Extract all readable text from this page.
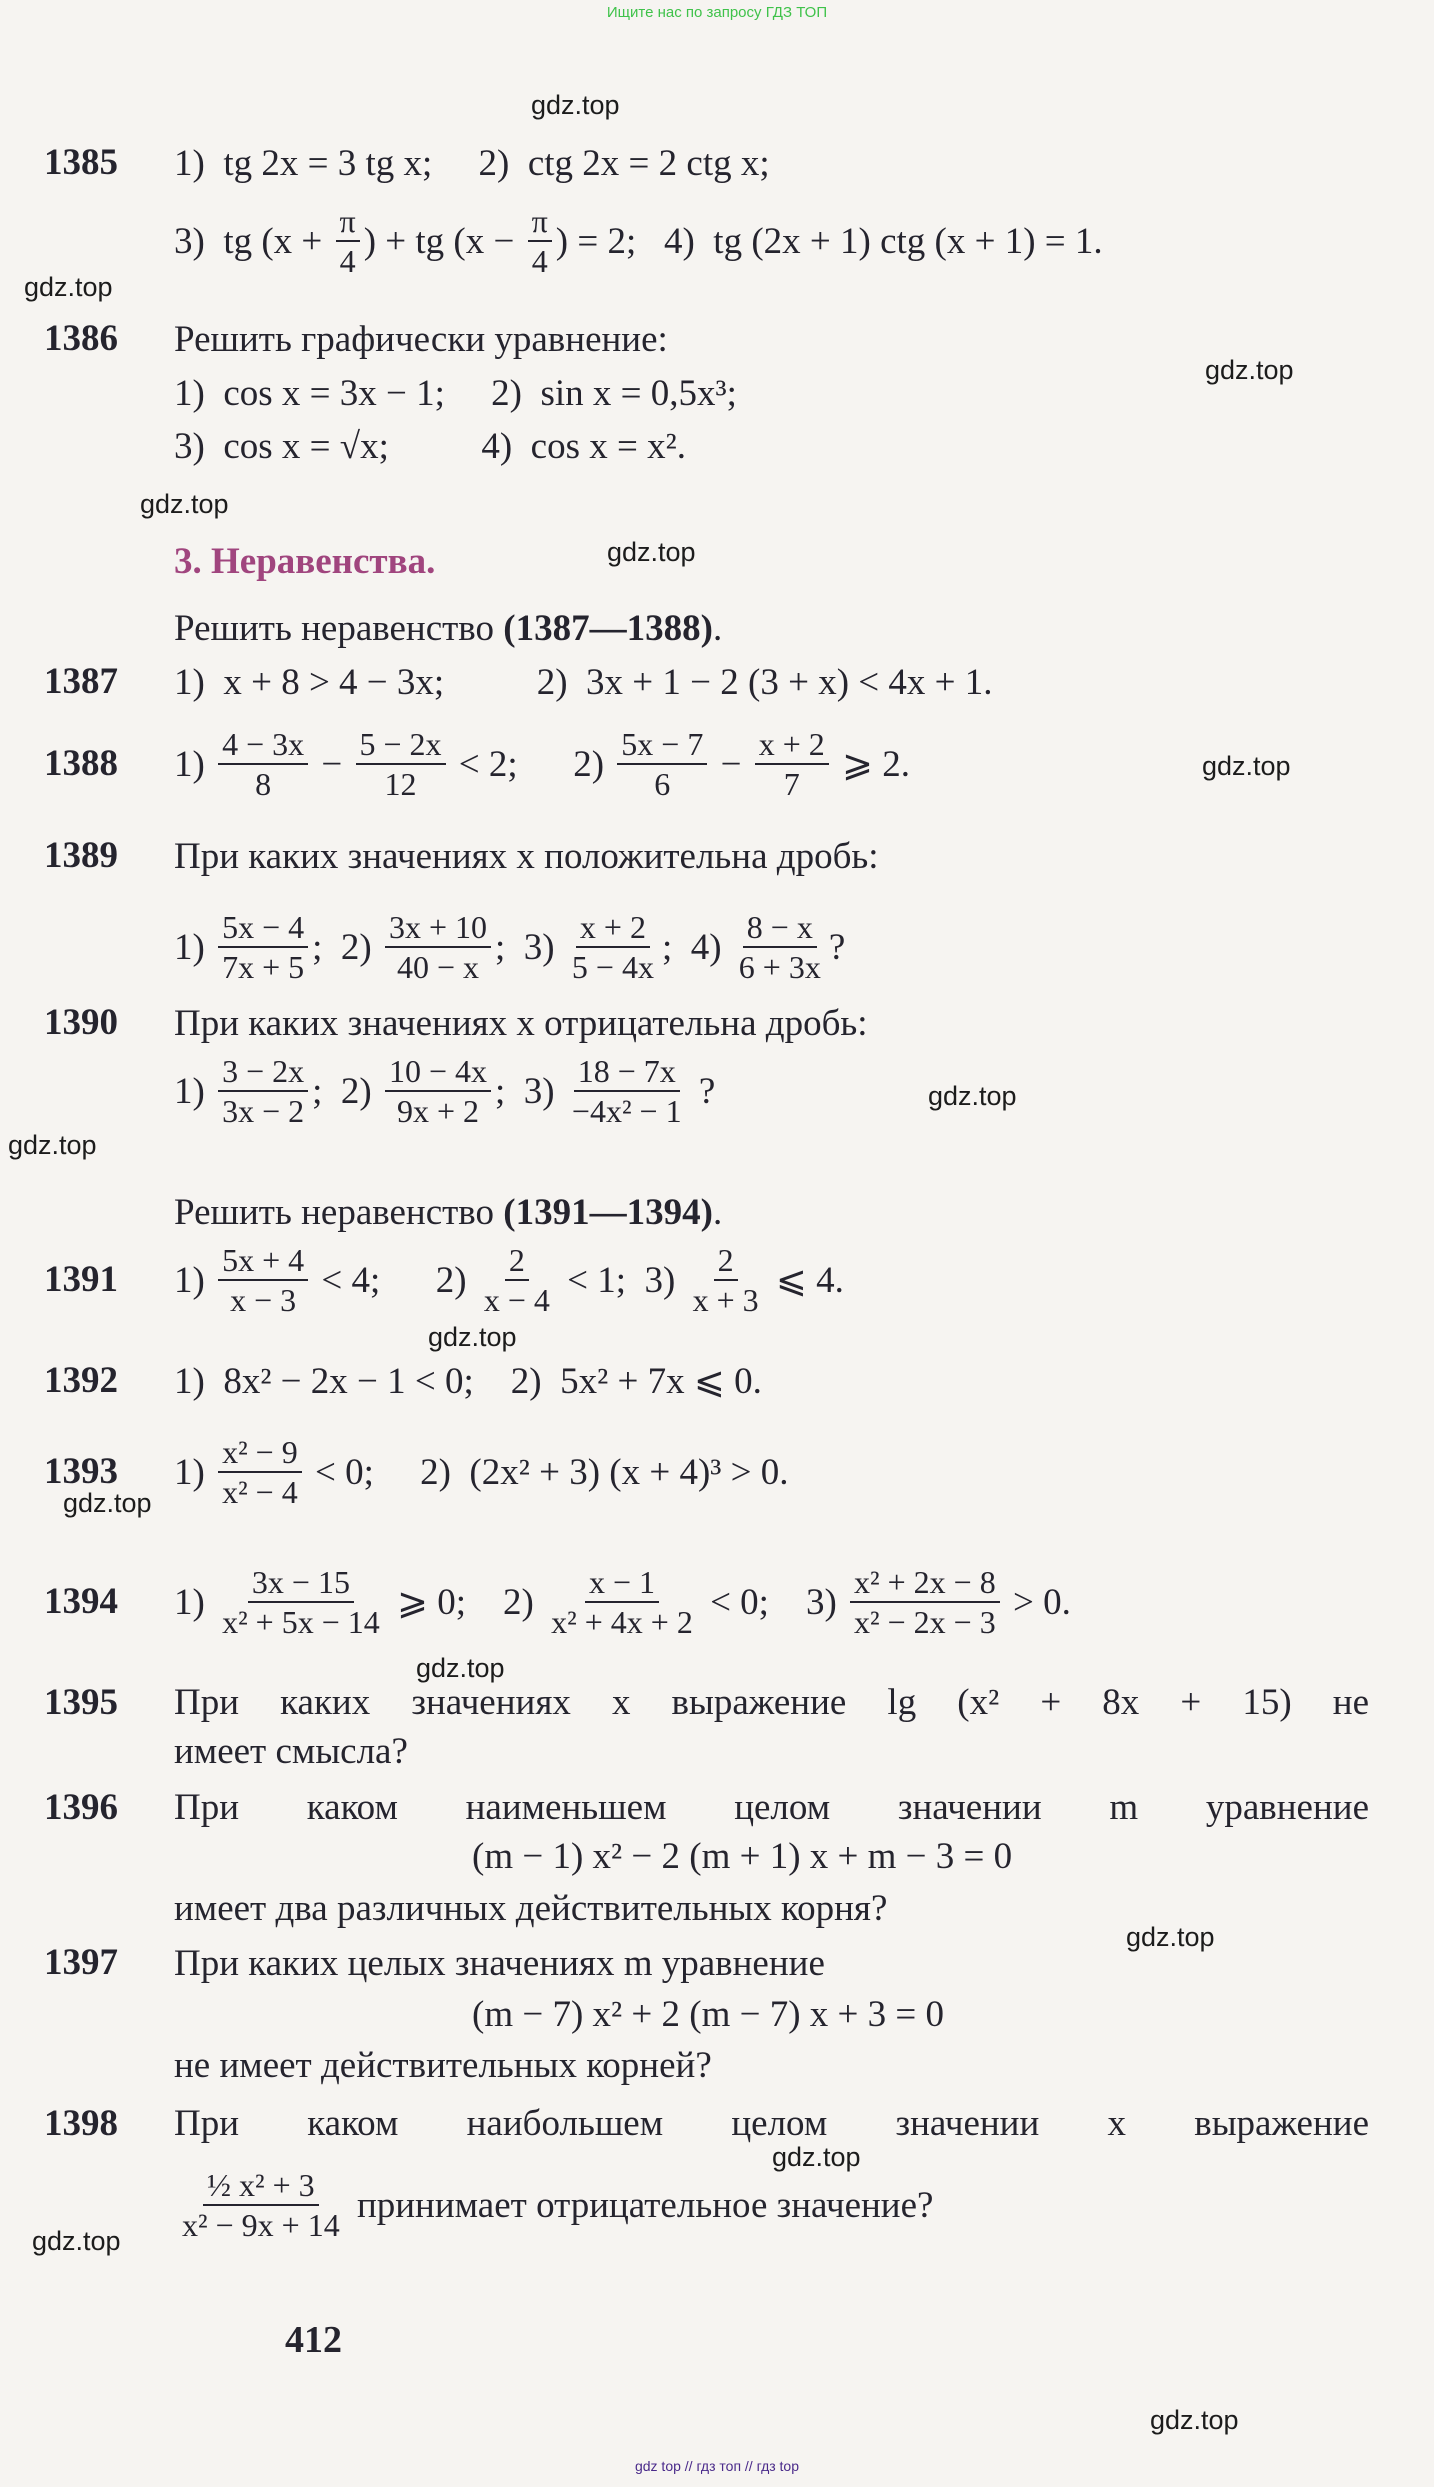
Ищите нас по запросу ГДЗ ТОП
1385 1)  tg 2x = 3 tg x;     2)  ctg 2x = 2 ctg x;
3)  tg ($x + \frac{\pi}{4}$ ) + tg ($x - \frac{\pi}{4}$ ) = 2;   4)  tg (2x + 1) ctg (x + 1) = 1.
1386 Решить графически уравнение:
1)  cos x = 3x − 1;     2)  sin x = 0,5x³;
3)  cos x = √x;          4)  cos x = x².
3. Неравенства.
Решить неравенство (1387—1388) .
1387 1)  x + 8 > 4 − 3x;          2)  3x + 1 − 2 (3 + x) < 4x + 1.
1388 $1) \frac{4 - 3x}{8} - \frac{5 - 2x}{12} < 2$;      $2) \frac{5x - 7}{6} - \frac{x + 2}{7}$ ⩾ 2.
1389 При каких значениях x положительна дробь:
$1) \frac{5x - 4}{7x + 5}$ ;  $2) \frac{3x + 10}{40 - x}$ ;  $3) \frac{x + 2}{5 - 4x}$ ;  $4) \frac{8 - x}{6 + 3x}$ ?
1390 При каких значениях x отрицательна дробь:
$1) \frac{3 - 2x}{3x - 2}$ ;  $2) \frac{10 - 4x}{9x + 2}$ ;  $3) \frac{18 - 7x}{\text{−4x² − 1}}$ ?
Решить неравенство (1391—1394) .
1391 $1) \frac{5x + 4}{x - 3} < 4$;      $2) \frac{2}{x - 4} < 1$;  $3) \frac{2}{x + 3}$ ⩽ 4.
1392 1)  8x² − 2x − 1 < 0;    2)  5x² + 7x ⩽ 0.
1393 $1) \frac{\text{x² − 9}}{\text{x² − 4}} < 0$;     2)  (2x² + 3) (x + 4)³ > 0.
1394 $1) \frac{3x - 15}{\text{x² + 5x − 14}}$ ⩾ 0;    $2) \frac{x - 1}{\text{x² + 4x + 2}} < 0$;    $3) \frac{\text{x² + 2x − 8}}{\text{x² − 2x − 3}} > 0$.
1395 При каких значениях x выражение lg (x² + 8x + 15) не
имеет смысла?
1396 При каком наименьшем целом значении m уравнение
(m − 1) x² − 2 (m + 1) x + m − 3 = 0
имеет два различных действительных корня?
1397 При каких целых значениях m уравнение
(m − 7) x² + 2 (m − 7) x + 3 = 0
не имеет действительных корней?
1398 При каком наибольшем целом значении x выражение
$\frac{\text{½ x² + 3}}{\text{x² − 9x + 14}}$ принимает отрицательное значение?
412
gdz top // гдз топ // гдз top
gdz.top
gdz.top
gdz.top
gdz.top
gdz.top
gdz.top
gdz.top
gdz.top
gdz.top
gdz.top
gdz.top
gdz.top
gdz.top
gdz.top
gdz.top
